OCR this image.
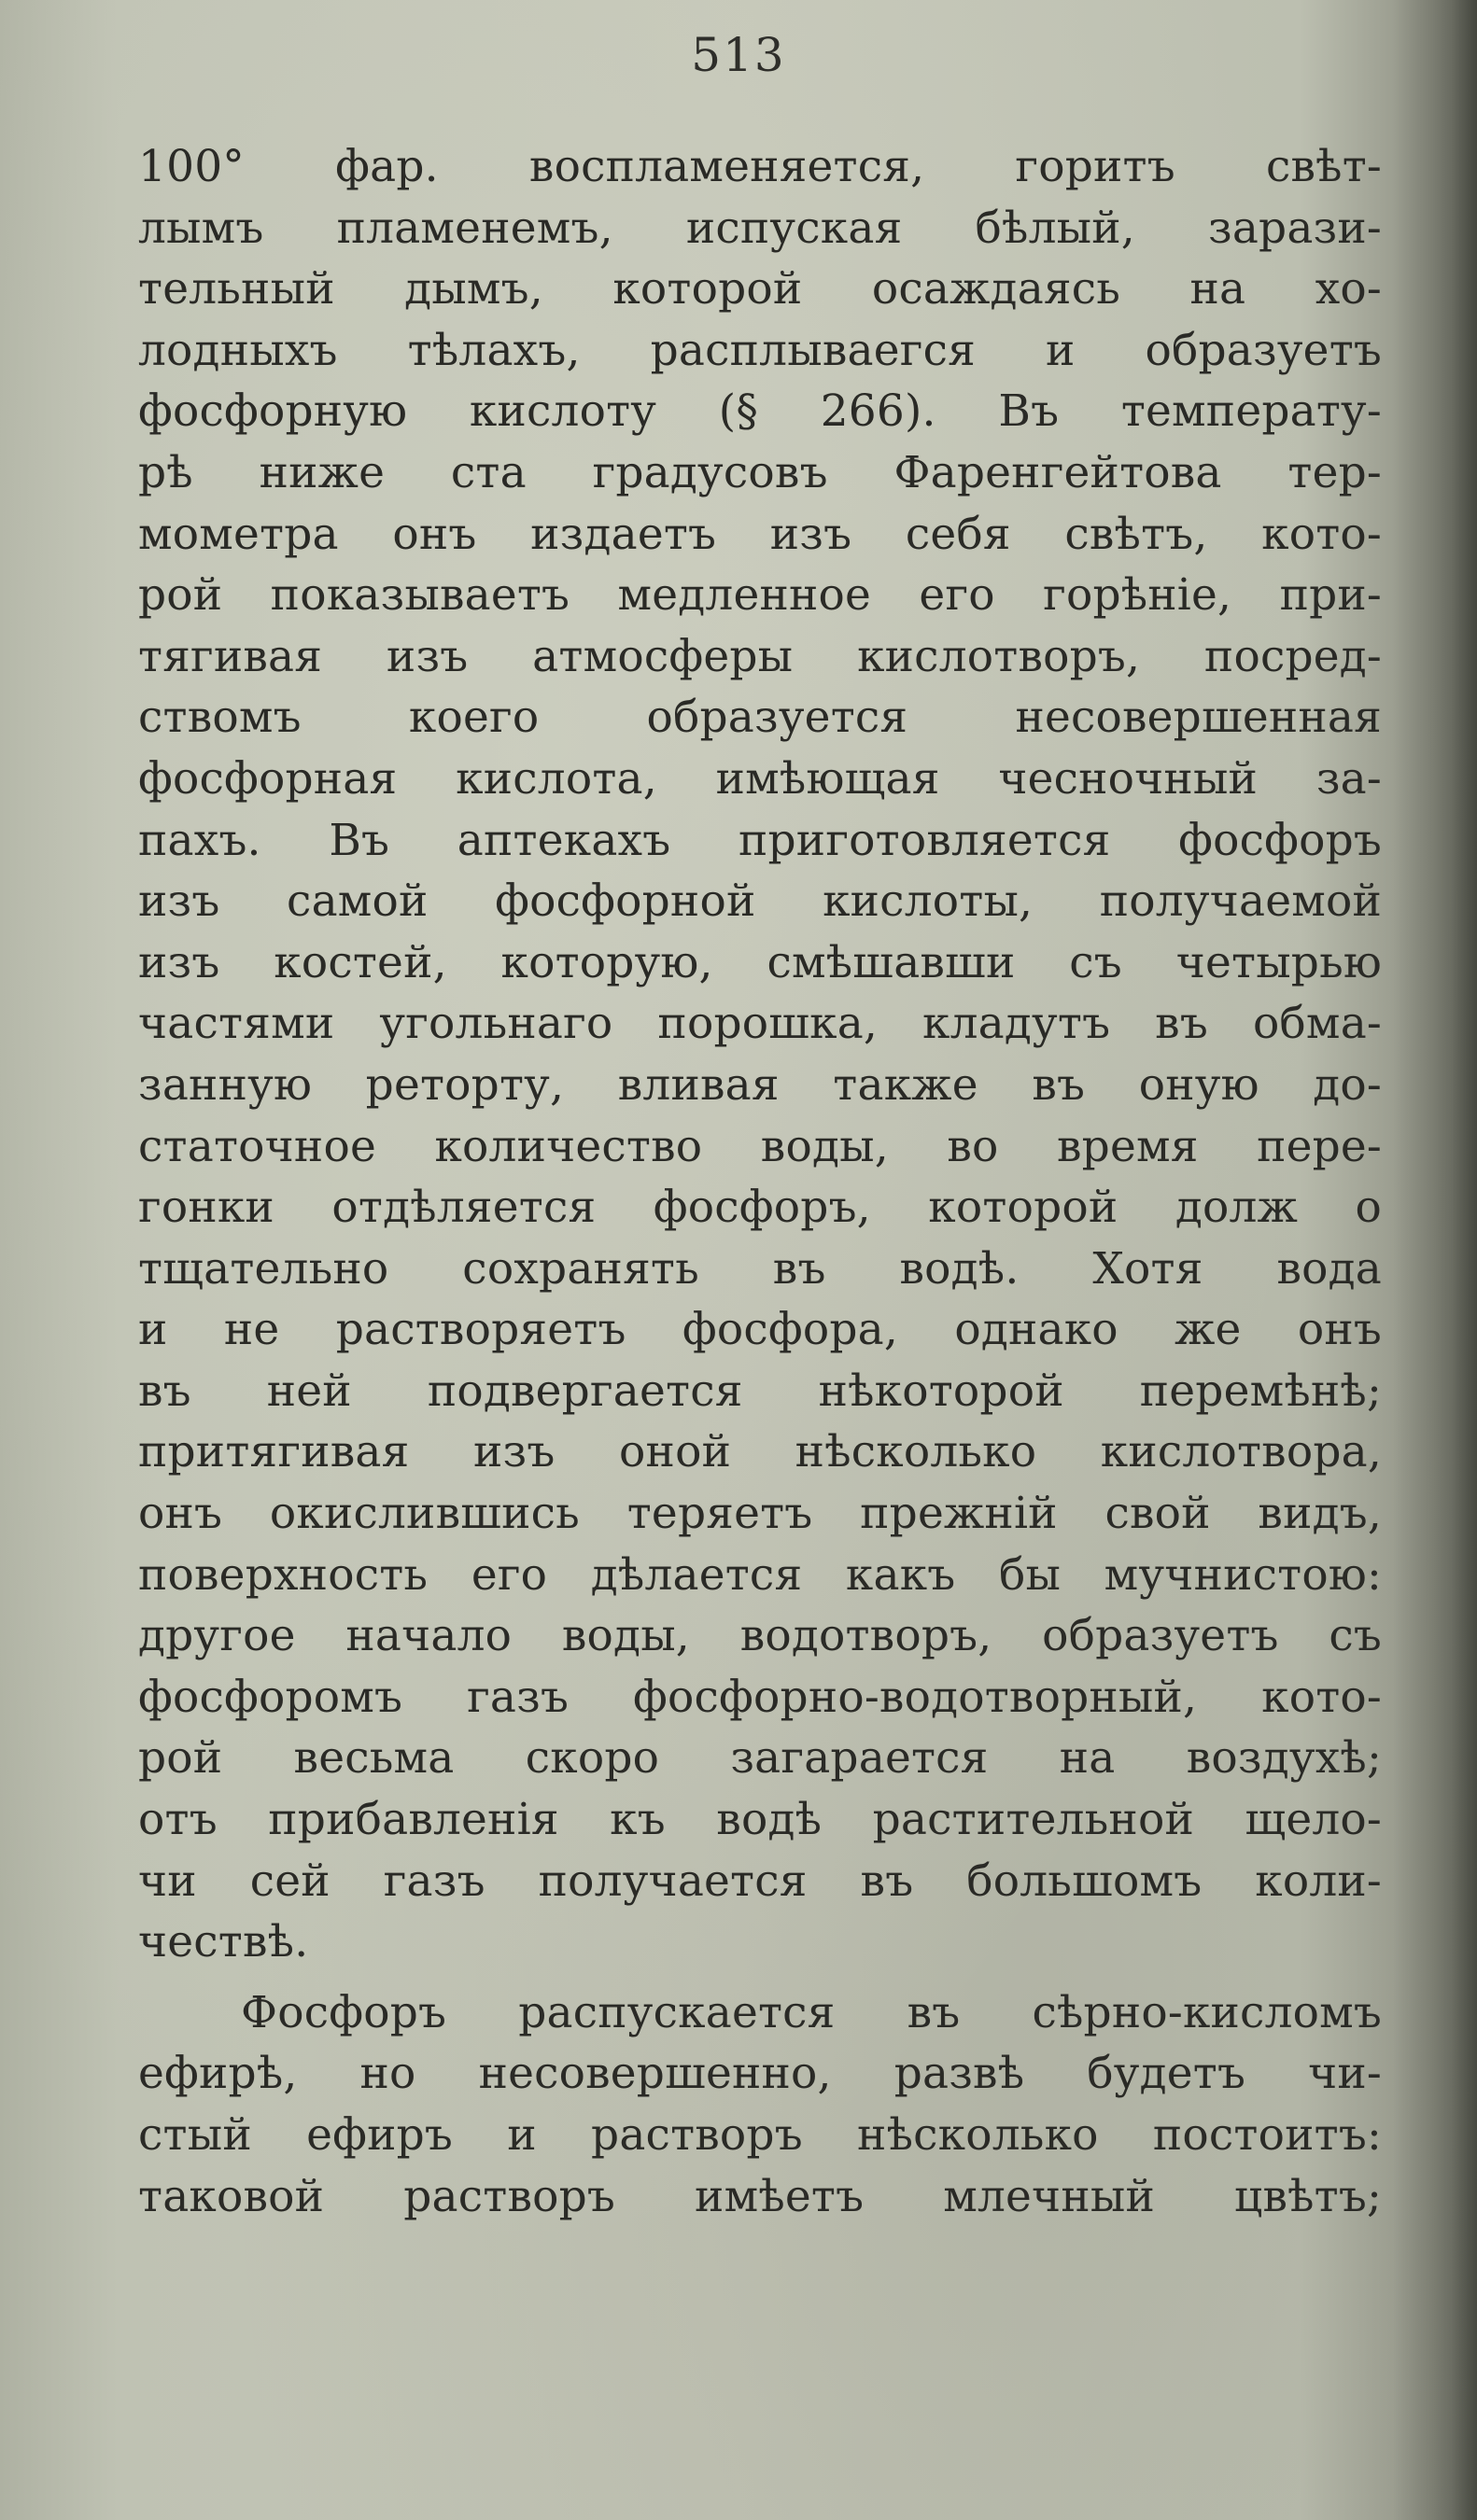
513
100° фар. восп‍ламеняется, горитъ свѣт-
лымъ пламенемъ, испуская бѣлый, зарази-
тельный дымъ, которой осаждаясь на хо-
лодныхъ тѣлахъ, расплываегся и образуетъ
фосфорную кислоту (§ 266). Въ температу-
рѣ ниже ста градусовъ Фаренгейтова тер-
мометра онъ издаетъ изъ себя свѣтъ, кото-
рой показываетъ медленное его горѣніе, при-
тягивая изъ атмосферы кислотворъ, посред-
ствомъ коего образуется несовершенная
фосфорная кислота, имѣющая чесночный за-
пахъ. Въ аптекахъ приготовляется фосфоръ
изъ самой фосфорной кислоты, получаемой
изъ костей, которую, смѣшавши съ четырью
частями угольнаго порошка, кладутъ въ обма-
занную реторту, вливая также въ оную до-
статочное количество воды, во время пере-
гонки отдѣляется фосфоръ, которой долж о
тщательно сохранять въ водѣ. Хотя вода
и не растворяетъ фосфора, однако же онъ
въ ней подвергается нѣкоторой перемѣнѣ;
притягивая изъ оной нѣсколько кислотвора,
онъ окислившись теряетъ прежній свой видъ,
поверхность его дѣлается какъ бы мучнистою:
другое начало воды, водотворъ, образуетъ съ
фосфоромъ газъ фосфорно-водотворный, кото-
рой весьма скоро загарается на воздухѣ;
отъ прибавленія къ водѣ растительной щело-
чи сей газъ получается въ большомъ коли-
чествѣ.
Фосфоръ распускается въ сѣрно-кисломъ
ефирѣ, но несовершенно, развѣ будетъ чи-
стый ефиръ и растворъ нѣсколько постоитъ:
таковой растворъ имѣетъ млечный цвѣтъ;
